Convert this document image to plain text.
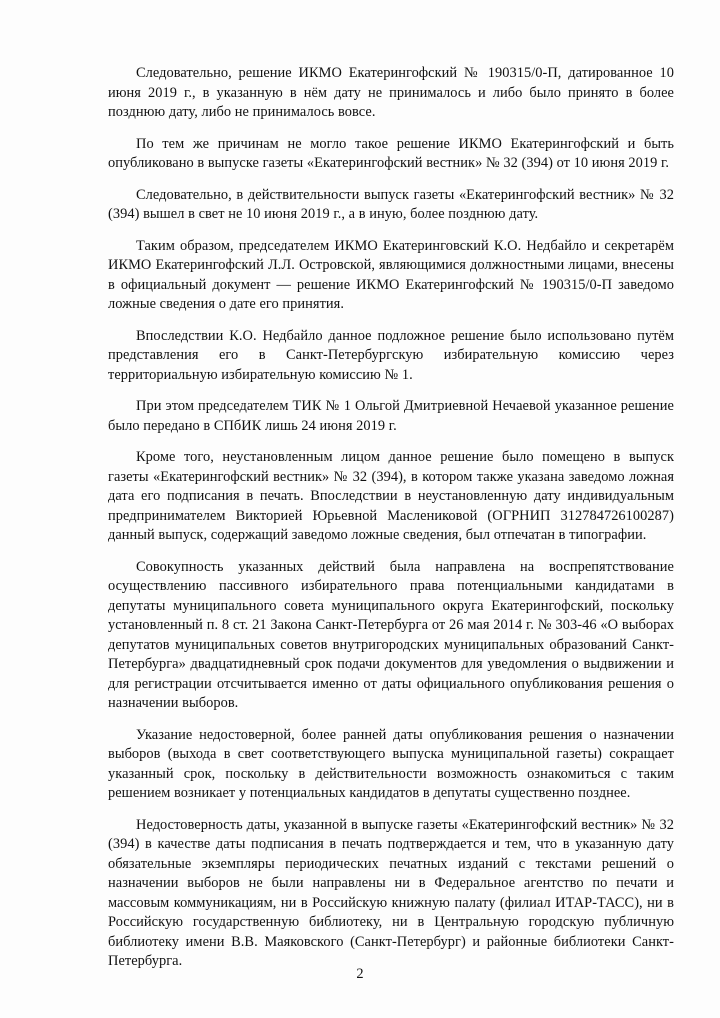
Следовательно, решение ИКМО Екатерингофский № 190315/0-П, датированное 10 июня 2019 г., в указанную в нём дату не принималось и либо было принято в более позднюю дату, либо не принималось вовсе.

По тем же причинам не могло такое решение ИКМО Екатерингофский и быть опубликовано в выпуске газеты «Екатерингофский вестник» № 32 (394) от 10 июня 2019 г.

Следовательно, в действительности выпуск газеты «Екатерингофский вестник» № 32 (394) вышел в свет не 10 июня 2019 г., а в иную, более позднюю дату.

Таким образом, председателем ИКМО Екатеринговский К.О. Недбайло и секретарём ИКМО Екатерингофский Л.Л. Островской, являющимися должностными лицами, внесены в официальный документ — решение ИКМО Екатерингофский № 190315/0-П заведомо ложные сведения о дате его принятия.

Впоследствии К.О. Недбайло данное подложное решение было использовано путём представления его в Санкт-Петербургскую избирательную комиссию через территориальную избирательную комиссию № 1.

При этом председателем ТИК № 1 Ольгой Дмитриевной Нечаевой указанное решение было передано в СПбИК лишь 24 июня 2019 г.

Кроме того, неустановленным лицом данное решение было помещено в выпуск газеты «Екатерингофский вестник» № 32 (394), в котором также указана заведомо ложная дата его подписания в печать. Впоследствии в неустановленную дату индивидуальным предпринимателем Викторией Юрьевной Маслениковой (ОГРНИП 312784726100287) данный выпуск, содержащий заведомо ложные сведения, был отпечатан в типографии.

Совокупность указанных действий была направлена на воспрепятствование осуществлению пассивного избирательного права потенциальными кандидатами в депутаты муниципального совета муниципального округа Екатерингофский, поскольку установленный п. 8 ст. 21 Закона Санкт-Петербурга от 26 мая 2014 г. № 303-46 «О выборах депутатов муниципальных советов внутригородских муниципальных образований Санкт-Петербурга» двадцатидневный срок подачи документов для уведомления о выдвижении и для регистрации отсчитывается именно от даты официального опубликования решения о назначении выборов.

Указание недостоверной, более ранней даты опубликования решения о назначении выборов (выхода в свет соответствующего выпуска муниципальной газеты) сокращает указанный срок, поскольку в действительности возможность ознакомиться с таким решением возникает у потенциальных кандидатов в депутаты существенно позднее.

Недостоверность даты, указанной в выпуске газеты «Екатерингофский вестник» № 32 (394) в качестве даты подписания в печать подтверждается и тем, что в указанную дату обязательные экземпляры периодических печатных изданий с текстами решений о назначении выборов не были направлены ни в Федеральное агентство по печати и массовым коммуникациям, ни в Российскую книжную палату (филиал ИТАР-ТАСС), ни в Российскую государственную библиотеку, ни в Центральную городскую публичную библиотеку имени В.В. Маяковского (Санкт-Петербург) и районные библиотеки Санкт-Петербурга.

2
